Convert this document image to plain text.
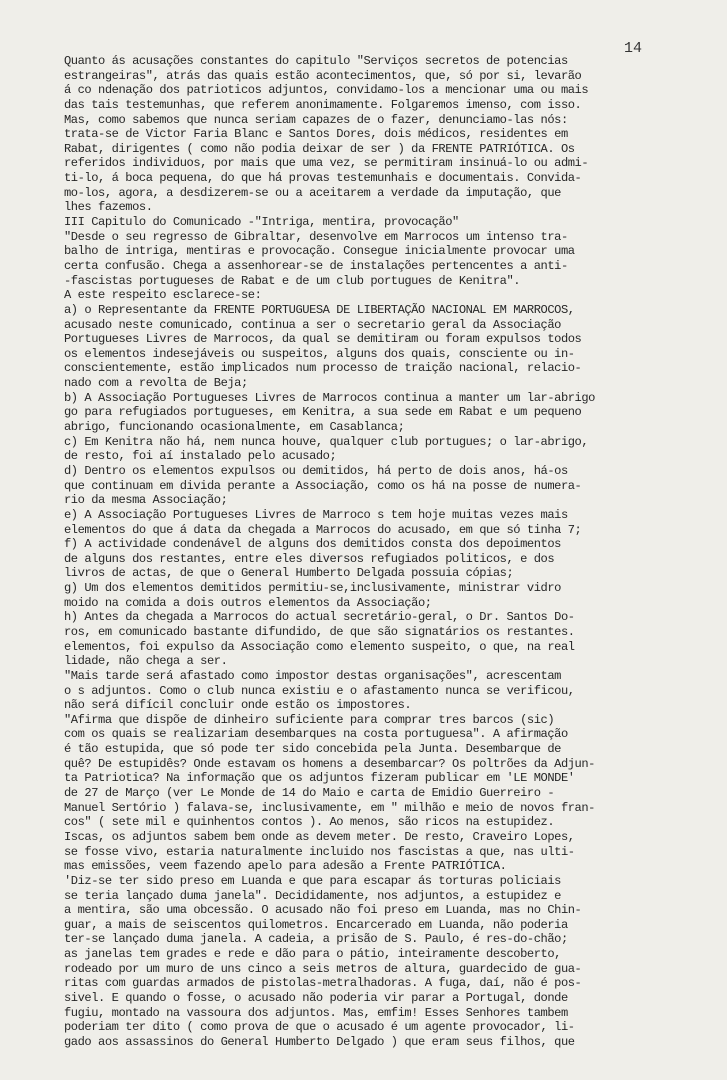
14
Quanto ás acusações constantes do capitulo "Serviços secretos de potencias
estrangeiras", atrás das quais estão acontecimentos, que, só por si, levarão
á co ndenação dos patrioticos adjuntos, convidamo-los a mencionar uma ou mais
das tais testemunhas, que referem anonimamente. Folgaremos imenso, com isso.
Mas, como sabemos que nunca seriam capazes de o fazer, denunciamo-las nós:
trata-se de Victor Faria Blanc e Santos Dores, dois médicos, residentes em
Rabat, dirigentes ( como não podia deixar de ser ) da FRENTE PATRIÓTICA. Os
referidos individuos, por mais que uma vez, se permitiram insinuá-lo ou admi-
ti-lo, á boca pequena, do que há provas testemunhais e documentais. Convida-
mo-los, agora, a desdizerem-se ou a aceitarem a verdade da imputação, que
lhes fazemos.
III Capitulo do Comunicado -"Intriga, mentira, provocação"
"Desde o seu regresso de Gibraltar, desenvolve em Marrocos um intenso tra-
balho de intriga, mentiras e provocação. Consegue inicialmente provocar uma
certa confusão. Chega a assenhorear-se de instalações pertencentes a anti-
-fascistas portugueses de Rabat e de um club portugues de Kenitra".
A este respeito esclarece-se:
a) o Representante da FRENTE PORTUGUESA DE LIBERTAÇÃO NACIONAL EM MARROCOS,
acusado neste comunicado, continua a ser o secretario geral da Associação
Portugueses Livres de Marrocos, da qual se demitiram ou foram expulsos todos
os elementos indesejáveis ou suspeitos, alguns dos quais, consciente ou in-
conscientemente, estão implicados num processo de traição nacional, relacio-
nado com a revolta de Beja;
b) A Associação Portugueses Livres de Marrocos continua a manter um lar-abrigo
go para refugiados portugueses, em Kenitra, a sua sede em Rabat e um pequeno
abrigo, funcionando ocasionalmente, em Casablanca;
c) Em Kenitra não há, nem nunca houve, qualquer club portugues; o lar-abrigo,
de resto, foi aí instalado pelo acusado;
d) Dentro os elementos expulsos ou demitidos, há perto de dois anos, há-os
que continuam em divida perante a Associação, como os há na posse de numera-
rio da mesma Associação;
e) A Associação Portugueses Livres de Marroco s tem hoje muitas vezes mais
elementos do que á data da chegada a Marrocos do acusado, em que só tinha 7;
f) A actividade condenável de alguns dos demitidos consta dos depoimentos
de alguns dos restantes, entre eles diversos refugiados politicos, e dos
livros de actas, de que o General Humberto Delgada possuia cópias;
g) Um dos elementos demitidos permitiu-se,inclusivamente, ministrar vidro
moido na comida a dois outros elementos da Associação;
h) Antes da chegada a Marrocos do actual secretário-geral, o Dr. Santos Do-
ros, em comunicado bastante difundido, de que são signatários os restantes.
elementos, foi expulso da Associação como elemento suspeito, o que, na real
lidade, não chega a ser.
"Mais tarde será afastado como impostor destas organisações", acrescentam
o s adjuntos. Como o club nunca existiu e o afastamento nunca se verificou,
não será difícil concluir onde estão os impostores.
"Afirma que dispõe de dinheiro suficiente para comprar tres barcos (sic)
com os quais se realizariam desembarques na costa portuguesa". A afirmação
é tão estupida, que só pode ter sido concebida pela Junta. Desembarque de
quê? De estupidês? Onde estavam os homens a desembarcar? Os poltrões da Adjun-
ta Patriotica? Na informação que os adjuntos fizeram publicar em 'LE MONDE'
de 27 de Março (ver Le Monde de 14 do Maio e carta de Emidio Guerreiro -
Manuel Sertório ) falava-se, inclusivamente, em " milhão e meio de novos fran-
cos" ( sete mil e quinhentos contos ). Ao menos, são ricos na estupidez.
Iscas, os adjuntos sabem bem onde as devem meter. De resto, Craveiro Lopes,
se fosse vivo, estaria naturalmente incluido nos fascistas a que, nas ulti-
mas emissões, veem fazendo apelo para adesão a Frente PATRIÓTICA.
'Diz-se ter sido preso em Luanda e que para escapar ás torturas policiais
se teria lançado duma janela". Decididamente, nos adjuntos, a estupidez e
a mentira, são uma obcessão. O acusado não foi preso em Luanda, mas no Chin-
guar, a mais de seiscentos quilometros. Encarcerado em Luanda, não poderia
ter-se lançado duma janela. A cadeia, a prisão de S. Paulo, é res-do-chão;
as janelas tem grades e rede e dão para o pátio, inteiramente descoberto,
rodeado por um muro de uns cinco a seis metros de altura, guardecido de gua-
ritas com guardas armados de pistolas-metralhadoras. A fuga, daí, não é pos-
sivel. E quando o fosse, o acusado não poderia vir parar a Portugal, donde
fugiu, montado na vassoura dos adjuntos. Mas, emfim! Esses Senhores tambem
poderiam ter dito ( como prova de que o acusado é um agente provocador, li-
gado aos assassinos do General Humberto Delgado ) que eram seus filhos, que
